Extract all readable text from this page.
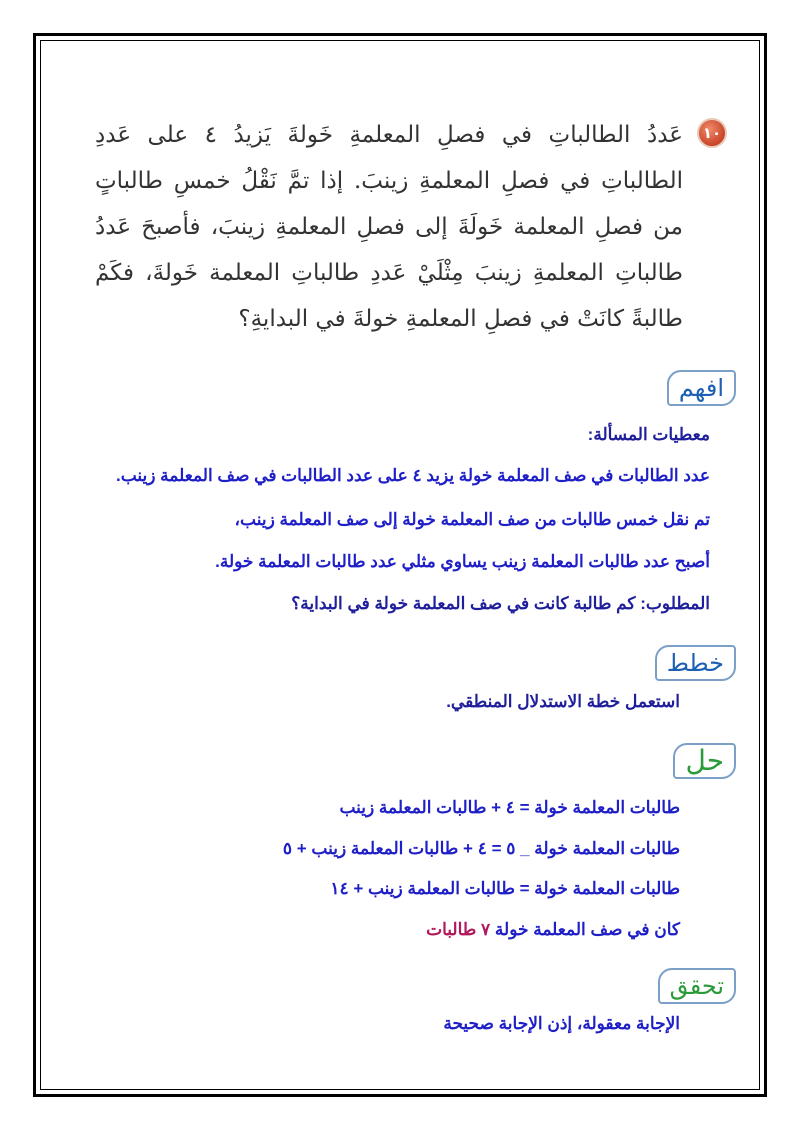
١٠
عَددُ الطالباتِ في فصلِ المعلمةِ خَولةَ يَزيدُ ٤ على عَددِ الطالباتِ في فصلِ المعلمةِ زينبَ. إذا تمَّ نَقْلُ خمسِ طالباتٍ من فصلِ المعلمة خَولَةَ إلى فصلِ المعلمةِ زينبَ، فأصبحَ عَددُ طالباتِ المعلمةِ زينبَ مِثْلَيْ عَددِ طالباتِ المعلمة خَولةَ، فكَمْ طالبةً كانَتْ في فصلِ المعلمةِ خولةَ في البدايةِ؟
افهم
معطيات المسألة:
عدد الطالبات في صف المعلمة خولة يزيد ٤ على عدد الطالبات في صف المعلمة زينب.
تم نقل خمس طالبات من صف المعلمة خولة إلى صف المعلمة زينب،
أصبح عدد طالبات المعلمة زينب يساوي مثلي عدد طالبات المعلمة خولة.
المطلوب: كم طالبة كانت في صف المعلمة خولة في البداية؟
خطط
استعمل خطة الاستدلال المنطقي.
حل
طالبات المعلمة خولة = ٤ + طالبات المعلمة زينب
طالبات المعلمة خولة _ ٥ = ٤ + طالبات المعلمة زينب + ٥
طالبات المعلمة خولة = طالبات المعلمة زينب + ١٤
كان في صف المعلمة خولة ٧ طالبات
تحقق
الإجابة معقولة، إذن الإجابة صحيحة
